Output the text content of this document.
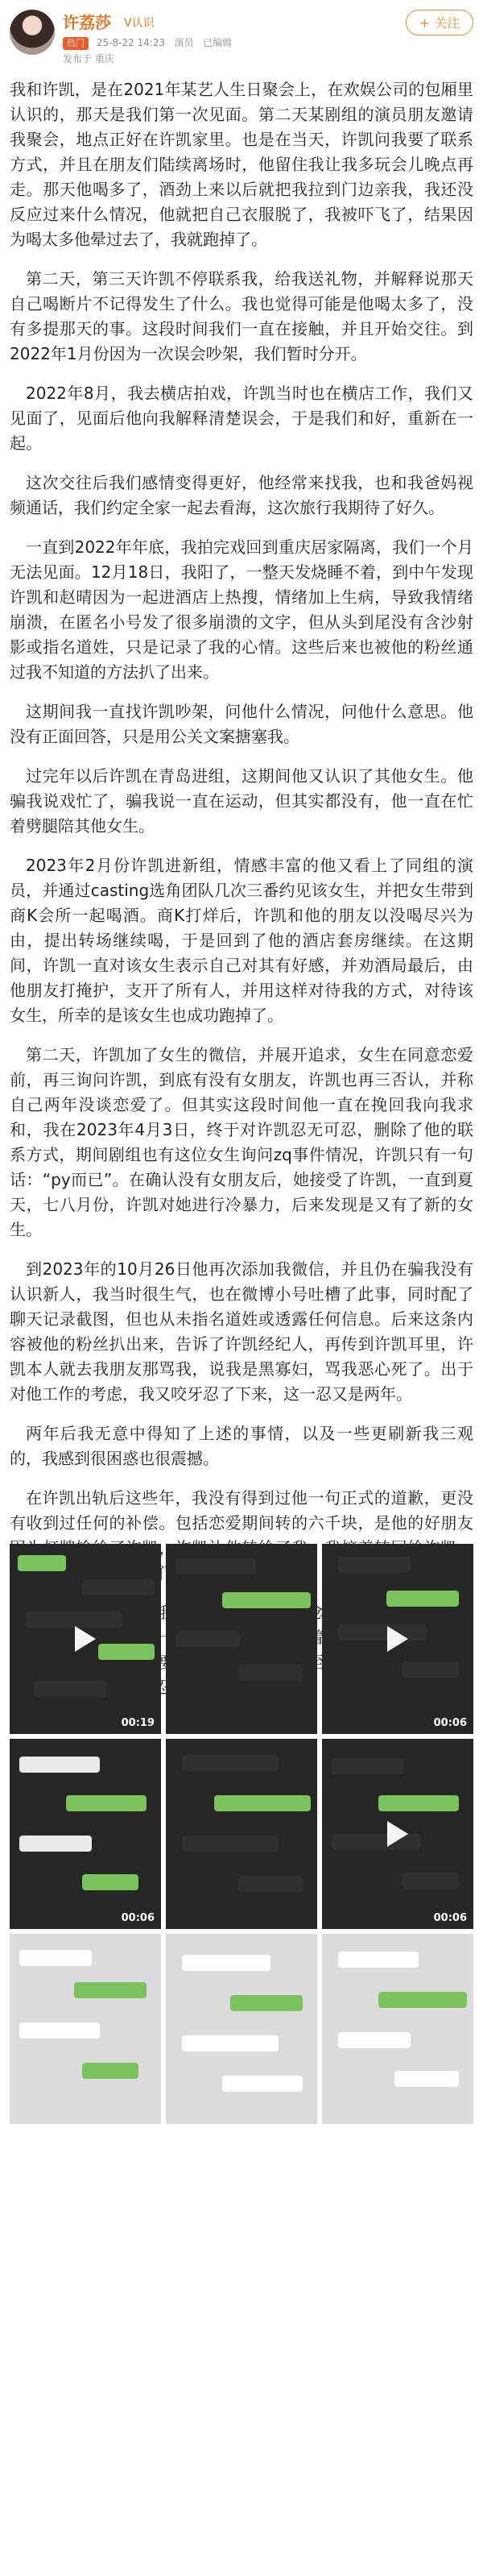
许荔莎 V认识
热门 25-8-22 14:23 演员 已编辑
发布于 重庆
+ 关注

我和许凯，是在2021年某艺人生日聚会上，在欢娱公司的包厢里认识的，那天是我们第一次见面。第二天某剧组的演员朋友邀请我聚会，地点正好在许凯家里。也是在当天，许凯问我要了联系方式，并且在朋友们陆续离场时，他留住我让我多玩会儿晚点再走。那天他喝多了，酒劲上来以后就把我拉到门边亲我，我还没反应过来什么情况，他就把自己衣服脱了，我被吓飞了，结果因为喝太多他晕过去了，我就跑掉了。

第二天，第三天许凯不停联系我，给我送礼物，并解释说那天自己喝断片不记得发生了什么。我也觉得可能是他喝太多了，没有多提那天的事。这段时间我们一直在接触，并且开始交往。到2022年1月份因为一次误会吵架，我们暂时分开。

2022年8月，我去横店拍戏，许凯当时也在横店工作，我们又见面了，见面后他向我解释清楚误会，于是我们和好，重新在一起。

这次交往后我们感情变得更好，他经常来找我，也和我爸妈视频通话，我们约定全家一起去看海，这次旅行我期待了好久。

一直到2022年年底，我拍完戏回到重庆居家隔离，我们一个月无法见面。12月18日，我阳了，一整天发烧睡不着，到中午发现许凯和赵晴因为一起进酒店上热搜，情绪加上生病，导致我情绪崩溃，在匿名小号发了很多崩溃的文字，但从头到尾没有含沙射影或指名道姓，只是记录了我的心情。这些后来也被他的粉丝通过我不知道的方法扒了出来。

这期间我一直找许凯吵架，问他什么情况，问他什么意思。他没有正面回答，只是用公关文案搪塞我。

过完年以后许凯在青岛进组，这期间他又认识了其他女生。他骗我说戏忙了，骗我说一直在运动，但其实都没有，他一直在忙着劈腿陪其他女生。

2023年2月份许凯进新组，情感丰富的他又看上了同组的演员，并通过casting选角团队几次三番约见该女生，并把女生带到商K会所一起喝酒。商K打烊后，许凯和他的朋友以没喝尽兴为由，提出转场继续喝，于是回到了他的酒店套房继续。在这期间，许凯一直对该女生表示自己对其有好感，并劝酒局最后，由他朋友打掩护，支开了所有人，并用这样对待我的方式，对待该女生，所幸的是该女生也成功跑掉了。

第二天，许凯加了女生的微信，并展开追求，女生在同意恋爱前，再三询问许凯，到底有没有女朋友，许凯也再三否认，并称自己两年没谈恋爱了。但其实这段时间他一直在挽回我向我求和，我在2023年4月3日，终于对许凯忍无可忍，删除了他的联系方式，期间剧组也有这位女生询问zq事件情况，许凯只有一句话：“py而已”。在确认没有女朋友后，她接受了许凯，一直到夏天，七八月份，许凯对她进行冷暴力，后来发现是又有了新的女生。

到2023年的10月26日他再次添加我微信，并且仍在骗我没有认识新人，我当时很生气，也在微博小号吐槽了此事，同时配了聊天记录截图，但也从未指名道姓或透露任何信息。后来这条内容被他的粉丝扒出来，告诉了许凯经纪人，再传到许凯耳里，许凯本人就去我朋友那骂我，说我是黑寡妇，骂我恶心死了。出于对他工作的考虑，我又咬牙忍了下来，这一忍又是两年。

两年后我无意中得知了上述的事情，以及一些更刷新我三观的，我感到很困惑也很震撼。

在许凯出轨后这些年，我没有得到过他一句正式的道歉，更没有收到过任何的补偿。包括恋爱期间转的六千块，是他的好朋友 们

00:19	00:06
00:06	00:06
头条@小豹爆料
